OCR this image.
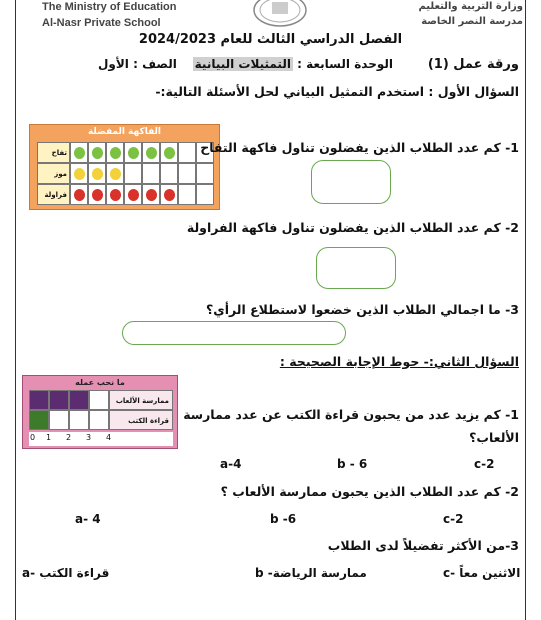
The Ministry of Education
Al-Nasr Private School
وزارة التربية والتعليم
مدرسة النصر الخاصة
الفصل الدراسي الثالث للعام 2024/2023
ورقة عمل (1)
الوحدة السابعة : التمثيلات البيانية
الصف : الأول
السؤال الأول : استخدم التمثيل البياني لحل الأسئلة التالية:-
الفاكهة المفضلة
تفاح
موز
فراولة
1- كم عدد الطلاب الذين يفضلون تناول فاكهة التفاح
2- كم عدد الطلاب الذين يفضلون تناول فاكهة الفراولة
3- ما اجمالي الطلاب الذين خضعوا لاستطلاع الرأي؟
السؤال الثاني:- حوط الإجابة الصحيحة :
ما نحب عمله
ممارسة الألعاب
قراءة الكتب
0 1 2 3 4
1- كم يزيد عدد من يحبون قراءة الكتب عن عدد ممارسة
الألعاب؟
a-4	b - 6	c-2
2- كم عدد الطلاب الذين يحبون ممارسة الألعاب ؟
a- 4	b -6	c-2
3-من الأكثر تفضيلاً لدى الطلاب
قراءة الكتب -a	ممارسة الرياضة- b	الاثنين معاً -c
